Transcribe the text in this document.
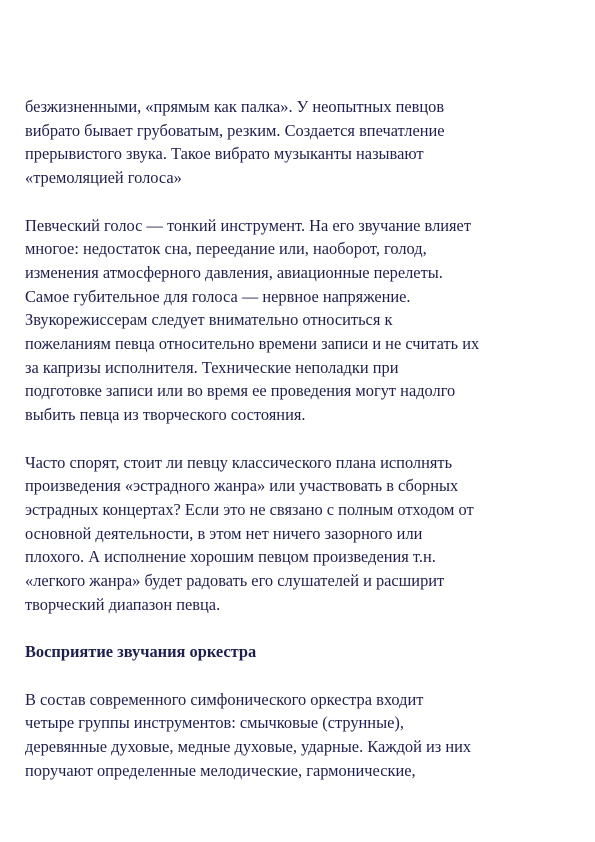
безжизненными, «прямым как палка». У неопытных певцов
вибрато бывает грубоватым, резким. Создается впечатление
прерывистого звука. Такое вибрато музыканты называют
«тремоляцией голоса»

Певческий голос — тонкий инструмент. На его звучание влияет
многое: недостаток сна, переедание или, наоборот, голод,
изменения атмосферного давления, авиационные перелеты.
Самое губительное для голоса — нервное напряжение.
Звукорежиссерам следует внимательно относиться к
пожеланиям певца относительно времени записи и не считать их
за капризы исполнителя. Технические неполадки при
подготовке записи или во время ее проведения могут надолго
выбить певца из творческого состояния.

Часто спорят, стоит ли певцу классического плана исполнять
произведения «эстрадного жанра» или участвовать в сборных
эстрадных концертах? Если это не связано с полным отходом от
основной деятельности, в этом нет ничего зазорного или
плохого. А исполнение хорошим певцом произведения т.н.
«легкого жанра» будет радовать его слушателей и расширит
творческий диапазон певца.

Восприятие звучания оркестра

В состав современного симфонического оркестра входит
четыре группы инструментов: смычковые (струнные),
деревянные духовые, медные духовые, ударные. Каждой из них
поручают определенные мелодические, гармонические,
